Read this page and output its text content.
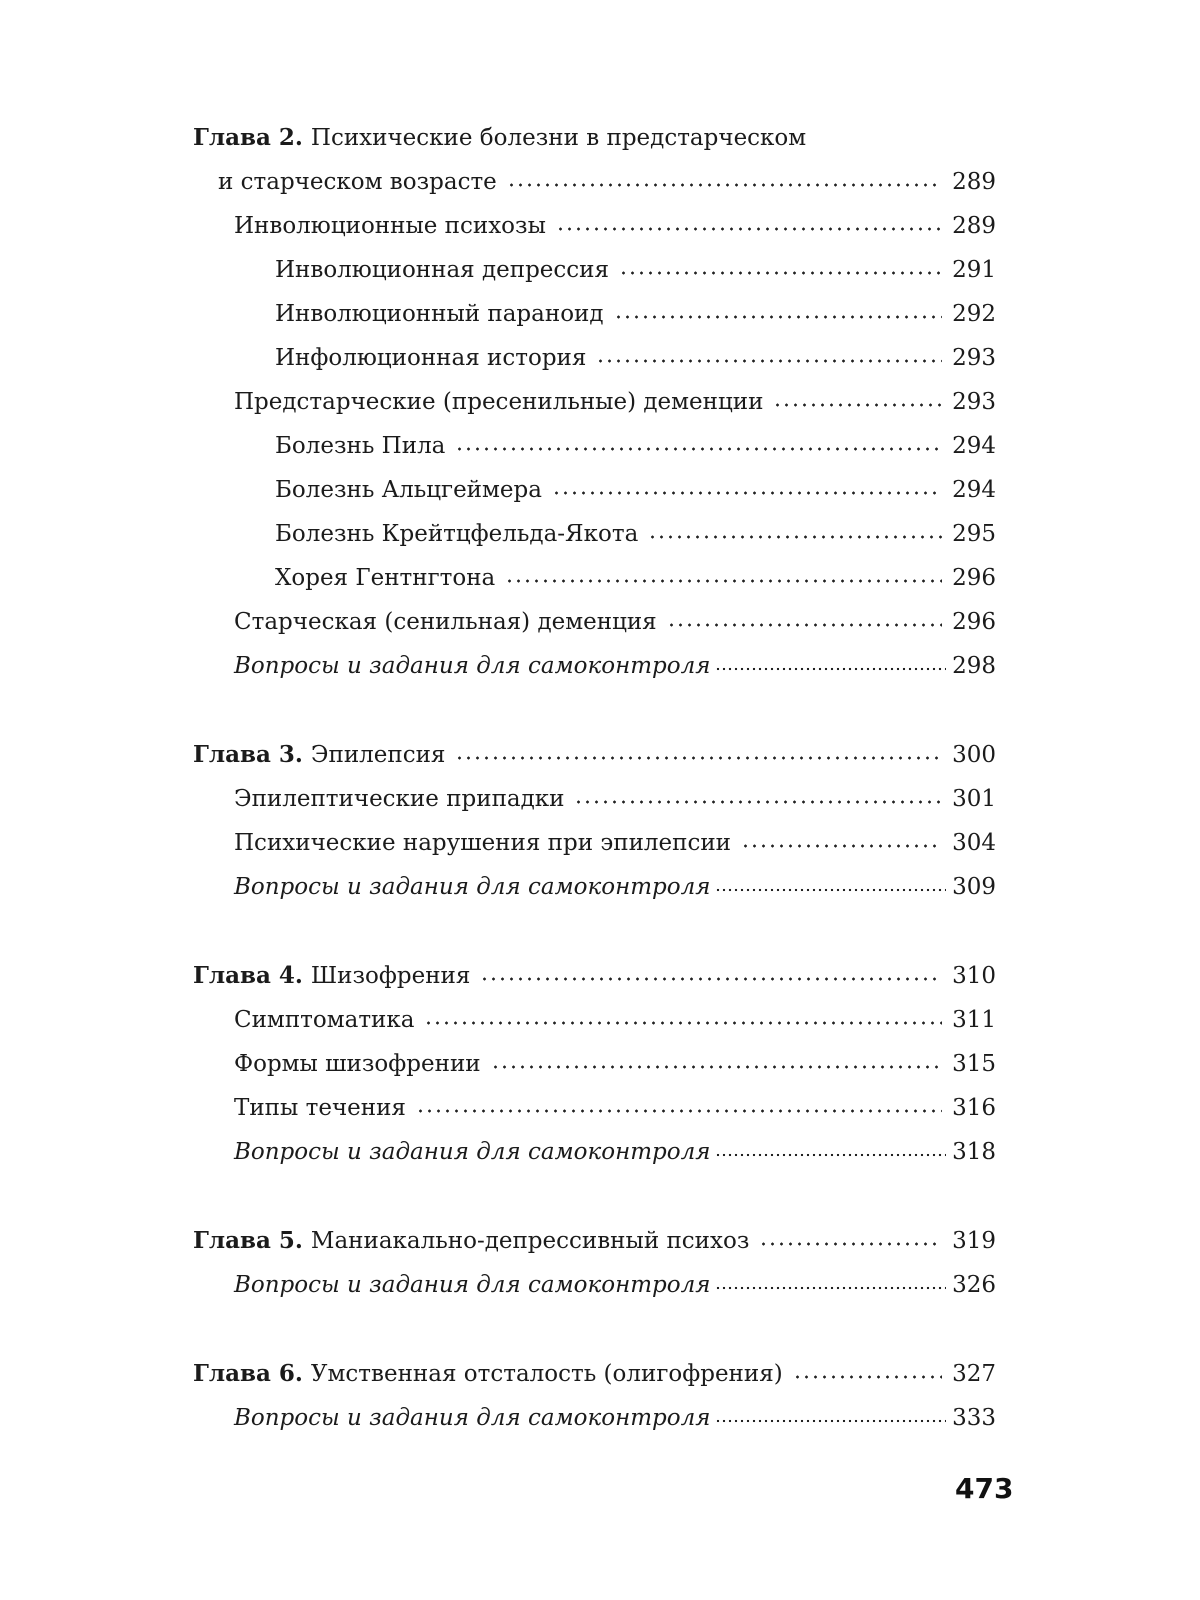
Глава 2. Психические болезни в предстарческом
и старческом возрасте	289
Инволюционные психозы	289
Инволюционная депрессия	291
Инволюционный параноид	292
Инфолюционная история	293
Предстарческие (пресенильные) деменции	293
Болезнь Пила	294
Болезнь Альцгеймера	294
Болезнь Крейтцфельда-Якота	295
Хорея Гентнгтона	296
Старческая (сенильная) деменция	296
Вопросы и задания для самоконтроля	298
Глава 3. Эпилепсия	300
Эпилептические припадки	301
Психические нарушения при эпилепсии	304
Вопросы и задания для самоконтроля	309
Глава 4. Шизофрения	310
Симптоматика	311
Формы шизофрении	315
Типы течения	316
Вопросы и задания для самоконтроля	318
Глава 5. Маниакально-депрессивный психоз	319
Вопросы и задания для самоконтроля	326
Глава 6. Умственная отсталость (олигофрения)	327
Вопросы и задания для самоконтроля	333
473
